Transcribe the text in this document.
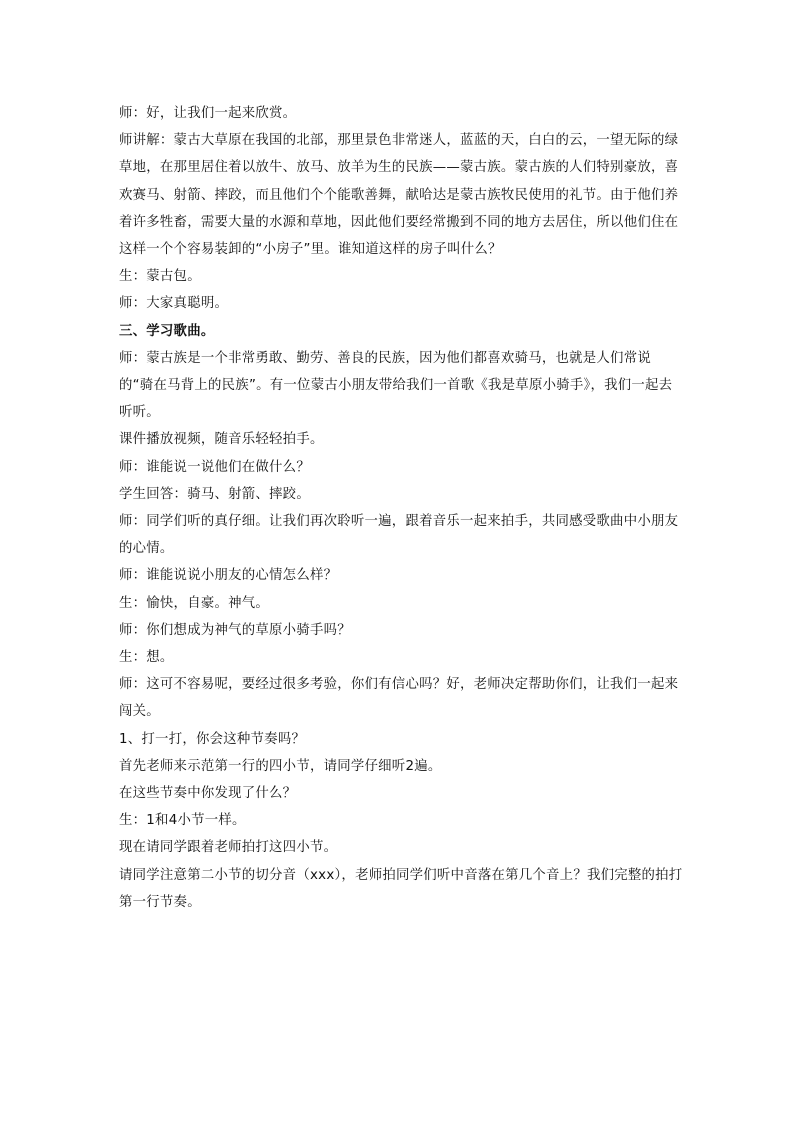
师：好，让我们一起来欣赏。

师讲解：蒙古大草原在我国的北部，那里景色非常迷人，蓝蓝的天，白白的云，一望无际的绿草地，在那里居住着以放牛、放马、放羊为生的民族——蒙古族。蒙古族的人们特别豪放，喜欢赛马、射箭、摔跤，而且他们个个能歌善舞，献哈达是蒙古族牧民使用的礼节。由于他们养着许多牲畜，需要大量的水源和草地，因此他们要经常搬到不同的地方去居住，所以他们住在这样一个个容易装卸的“小房子”里。谁知道这样的房子叫什么？

生：蒙古包。

师：大家真聪明。

三、学习歌曲。

师：蒙古族是一个非常勇敢、勤劳、善良的民族，因为他们都喜欢骑马，也就是人们常说的“骑在马背上的民族”。有一位蒙古小朋友带给我们一首歌《我是草原小骑手》，我们一起去听听。

课件播放视频，随音乐轻轻拍手。

师：谁能说一说他们在做什么？

学生回答：骑马、射箭、摔跤。

师：同学们听的真仔细。让我们再次聆听一遍，跟着音乐一起来拍手，共同感受歌曲中小朋友的心情。

师：谁能说说小朋友的心情怎么样？

生：愉快，自豪。神气。

师：你们想成为神气的草原小骑手吗？

生：想。

师：这可不容易呢，要经过很多考验，你们有信心吗？好，老师决定帮助你们，让我们一起来闯关。

1、打一打，你会这种节奏吗？

首先老师来示范第一行的四小节，请同学仔细听2遍。

在这些节奏中你发现了什么？

生：1和4小节一样。

现在请同学跟着老师拍打这四小节。

请同学注意第二小节的切分音（xxx），老师拍同学们听中音落在第几个音上？我们完整的拍打第一行节奏。
